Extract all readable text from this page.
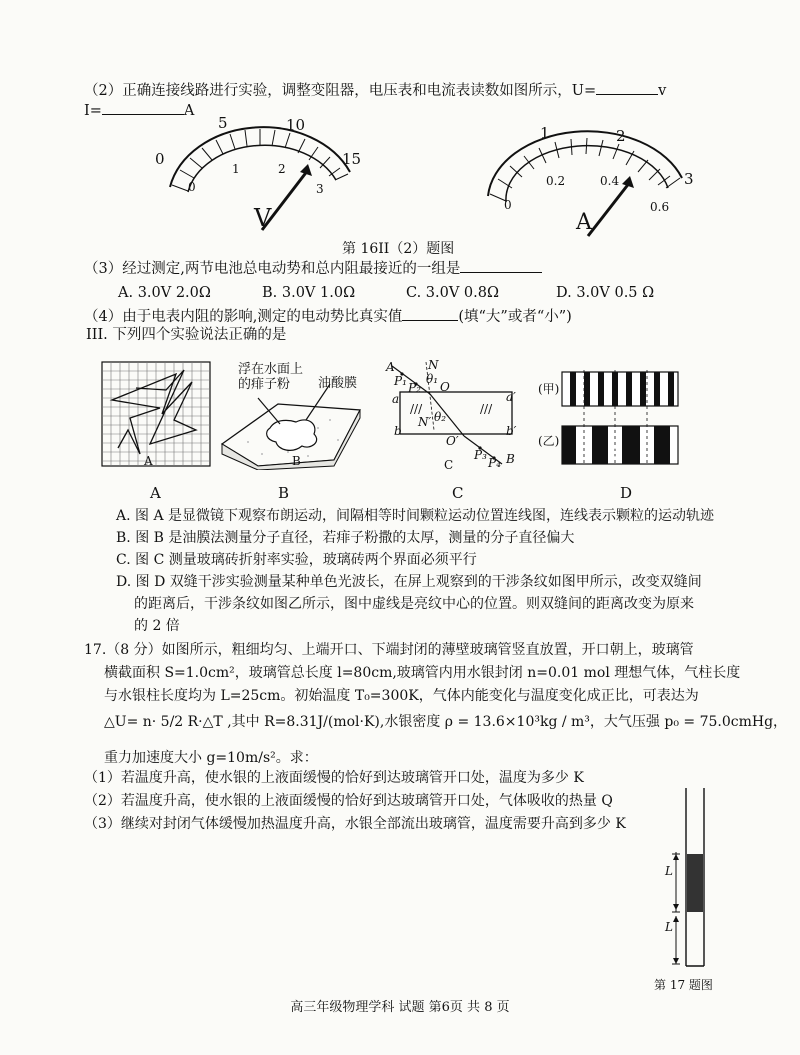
（2）正确连接线路进行实验，调整变阻器，电压表和电流表读数如图所示，U=	v
I=	A
5	10
15
0
0
1	2
3
V
1	2
3
0
0.2	0.4
0.6
A
第 16II（2）题图
（3）经过测定,两节电池总电动势和总内阻最接近的一组是
A. 3.0V 2.0Ω	B. 3.0V 1.0Ω	C. 3.0V 0.8Ω	D. 3.0V 0.5 Ω
（4）由于电表内阻的影响,测定的电动势比真实值	(填“大”或者“小”)
III. 下列四个实验说法正确的是
A
浮在水面上
的痱子粉 油酸膜
B
A	N
P₁ P₂
θ₁
O
a	a′
///	///
N′ θ₂
b	b′
O′
P₃
P₄ B
C
(甲)
(乙)
D
A	B	C	D
A. 图 A 是显微镜下观察布朗运动，间隔相等时间颗粒运动位置连线图，连线表示颗粒的运动轨迹
B. 图 B 是油膜法测量分子直径，若痱子粉撒的太厚，测量的分子直径偏大
C. 图 C 测量玻璃砖折射率实验，玻璃砖两个界面必须平行
D. 图 D 双缝干涉实验测量某种单色光波长，在屏上观察到的干涉条纹如图甲所示，改变双缝间
的距离后，干涉条纹如图乙所示，图中虚线是亮纹中心的位置。则双缝间的距离改变为原来
的 2 倍
17.（8 分）如图所示，粗细均匀、上端开口、下端封闭的薄壁玻璃管竖直放置，开口朝上，玻璃管
横截面积 S=1.0cm²，玻璃管总长度 l=80cm,玻璃管内用水银封闭 n=0.01 mol 理想气体，气柱长度
与水银柱长度均为 L=25cm。初始温度 T₀=300K，气体内能变化与温度变化成正比，可表达为
△U= n· 5/2 R·△T ,其中 R=8.31J/(mol·K),水银密度 ρ = 13.6×10³kg / m³，大气压强 p₀ = 75.0cmHg，
重力加速度大小 g=10m/s²。求：
（1）若温度升高，使水银的上液面缓慢的恰好到达玻璃管开口处，温度为多少 K
（2）若温度升高，使水银的上液面缓慢的恰好到达玻璃管开口处，气体吸收的热量 Q
（3）继续对封闭气体缓慢加热温度升高，水银全部流出玻璃管，温度需要升高到多少 K
L
L
第 17 题图
高三年级物理学科 试题 第6页 共 8 页
